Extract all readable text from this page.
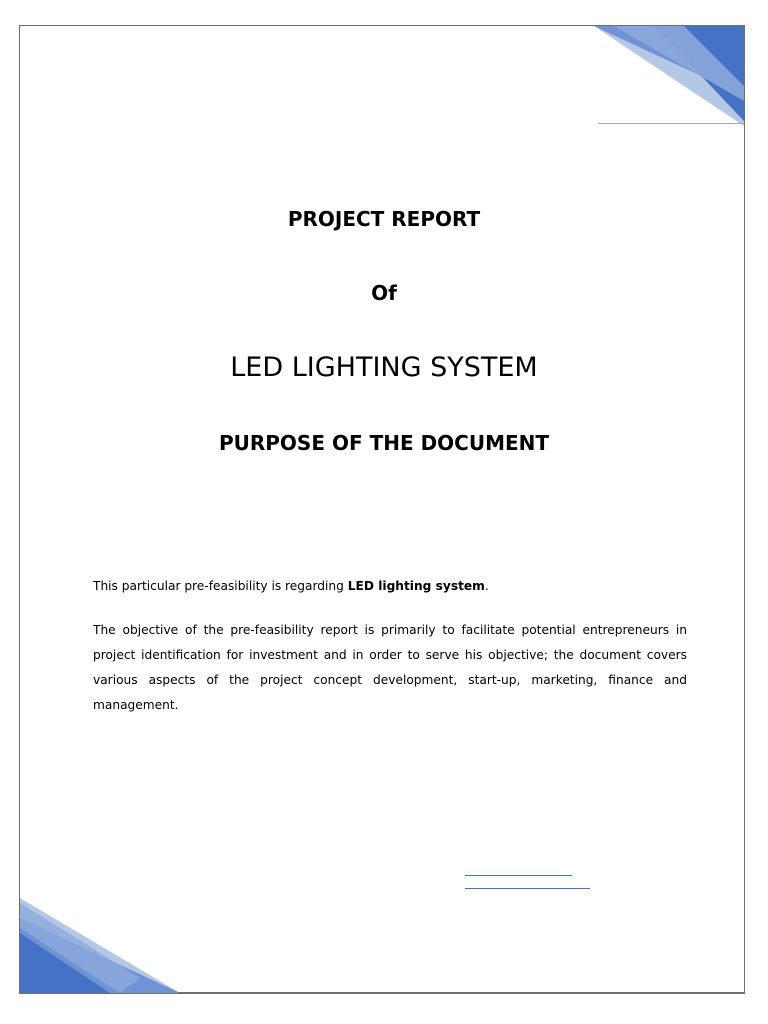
PROJECT REPORT
Of
LED LIGHTING SYSTEM
PURPOSE OF THE DOCUMENT
This particular pre-feasibility is regarding LED lighting system.
The objective of the pre-feasibility report is primarily to facilitate potential entrepreneurs in project identification for investment and in order to serve his objective; the document covers various aspects of the project concept development, start-up, marketing, finance and management.
